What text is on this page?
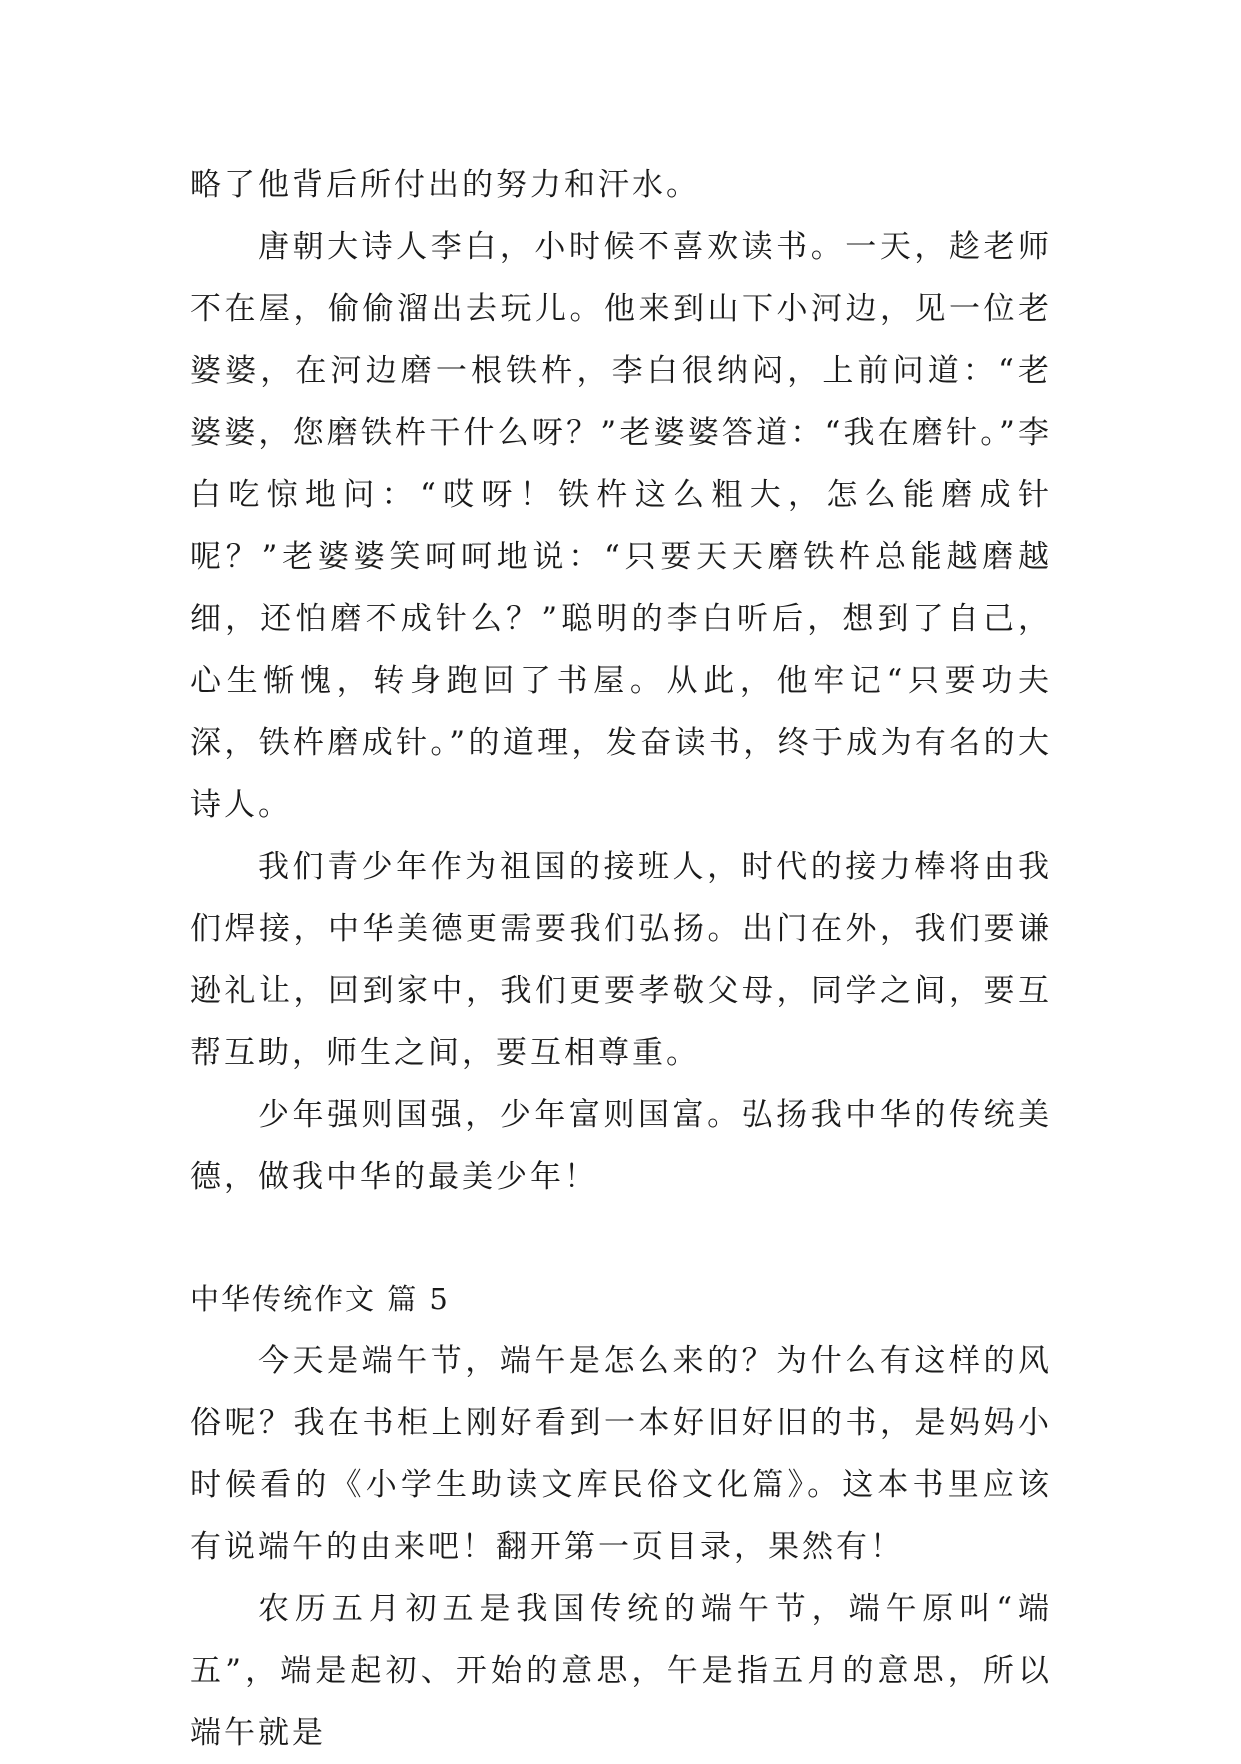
略了他背后所付出的努力和汗水。

唐朝大诗人李白，小时候不喜欢读书。一天，趁老师不在屋，偷偷溜出去玩儿。他来到山下小河边，见一位老婆婆，在河边磨一根铁杵，李白很纳闷，上前问道：“老婆婆，您磨铁杵干什么呀？”老婆婆答道：“我在磨针。”李白吃惊地问：“哎呀！铁杵这么粗大，怎么能磨成针呢？”老婆婆笑呵呵地说：“只要天天磨铁杵总能越磨越细，还怕磨不成针么？”聪明的李白听后，想到了自己，心生惭愧，转身跑回了书屋。从此，他牢记“只要功夫深，铁杵磨成针。”的道理，发奋读书，终于成为有名的大诗人。

我们青少年作为祖国的接班人，时代的接力棒将由我们焊接，中华美德更需要我们弘扬。出门在外，我们要谦逊礼让，回到家中，我们更要孝敬父母，同学之间，要互帮互助，师生之间，要互相尊重。

少年强则国强，少年富则国富。弘扬我中华的传统美德，做我中华的最美少年！

中华传统作文 篇 5

今天是端午节，端午是怎么来的？为什么有这样的风俗呢？我在书柜上刚好看到一本好旧好旧的书，是妈妈小时候看的《小学生助读文库民俗文化篇》。这本书里应该有说端午的由来吧！翻开第一页目录，果然有！

农历五月初五是我国传统的端午节，端午原叫“端五”，端是起初、开始的意思，午是指五月的意思，所以端午就是
